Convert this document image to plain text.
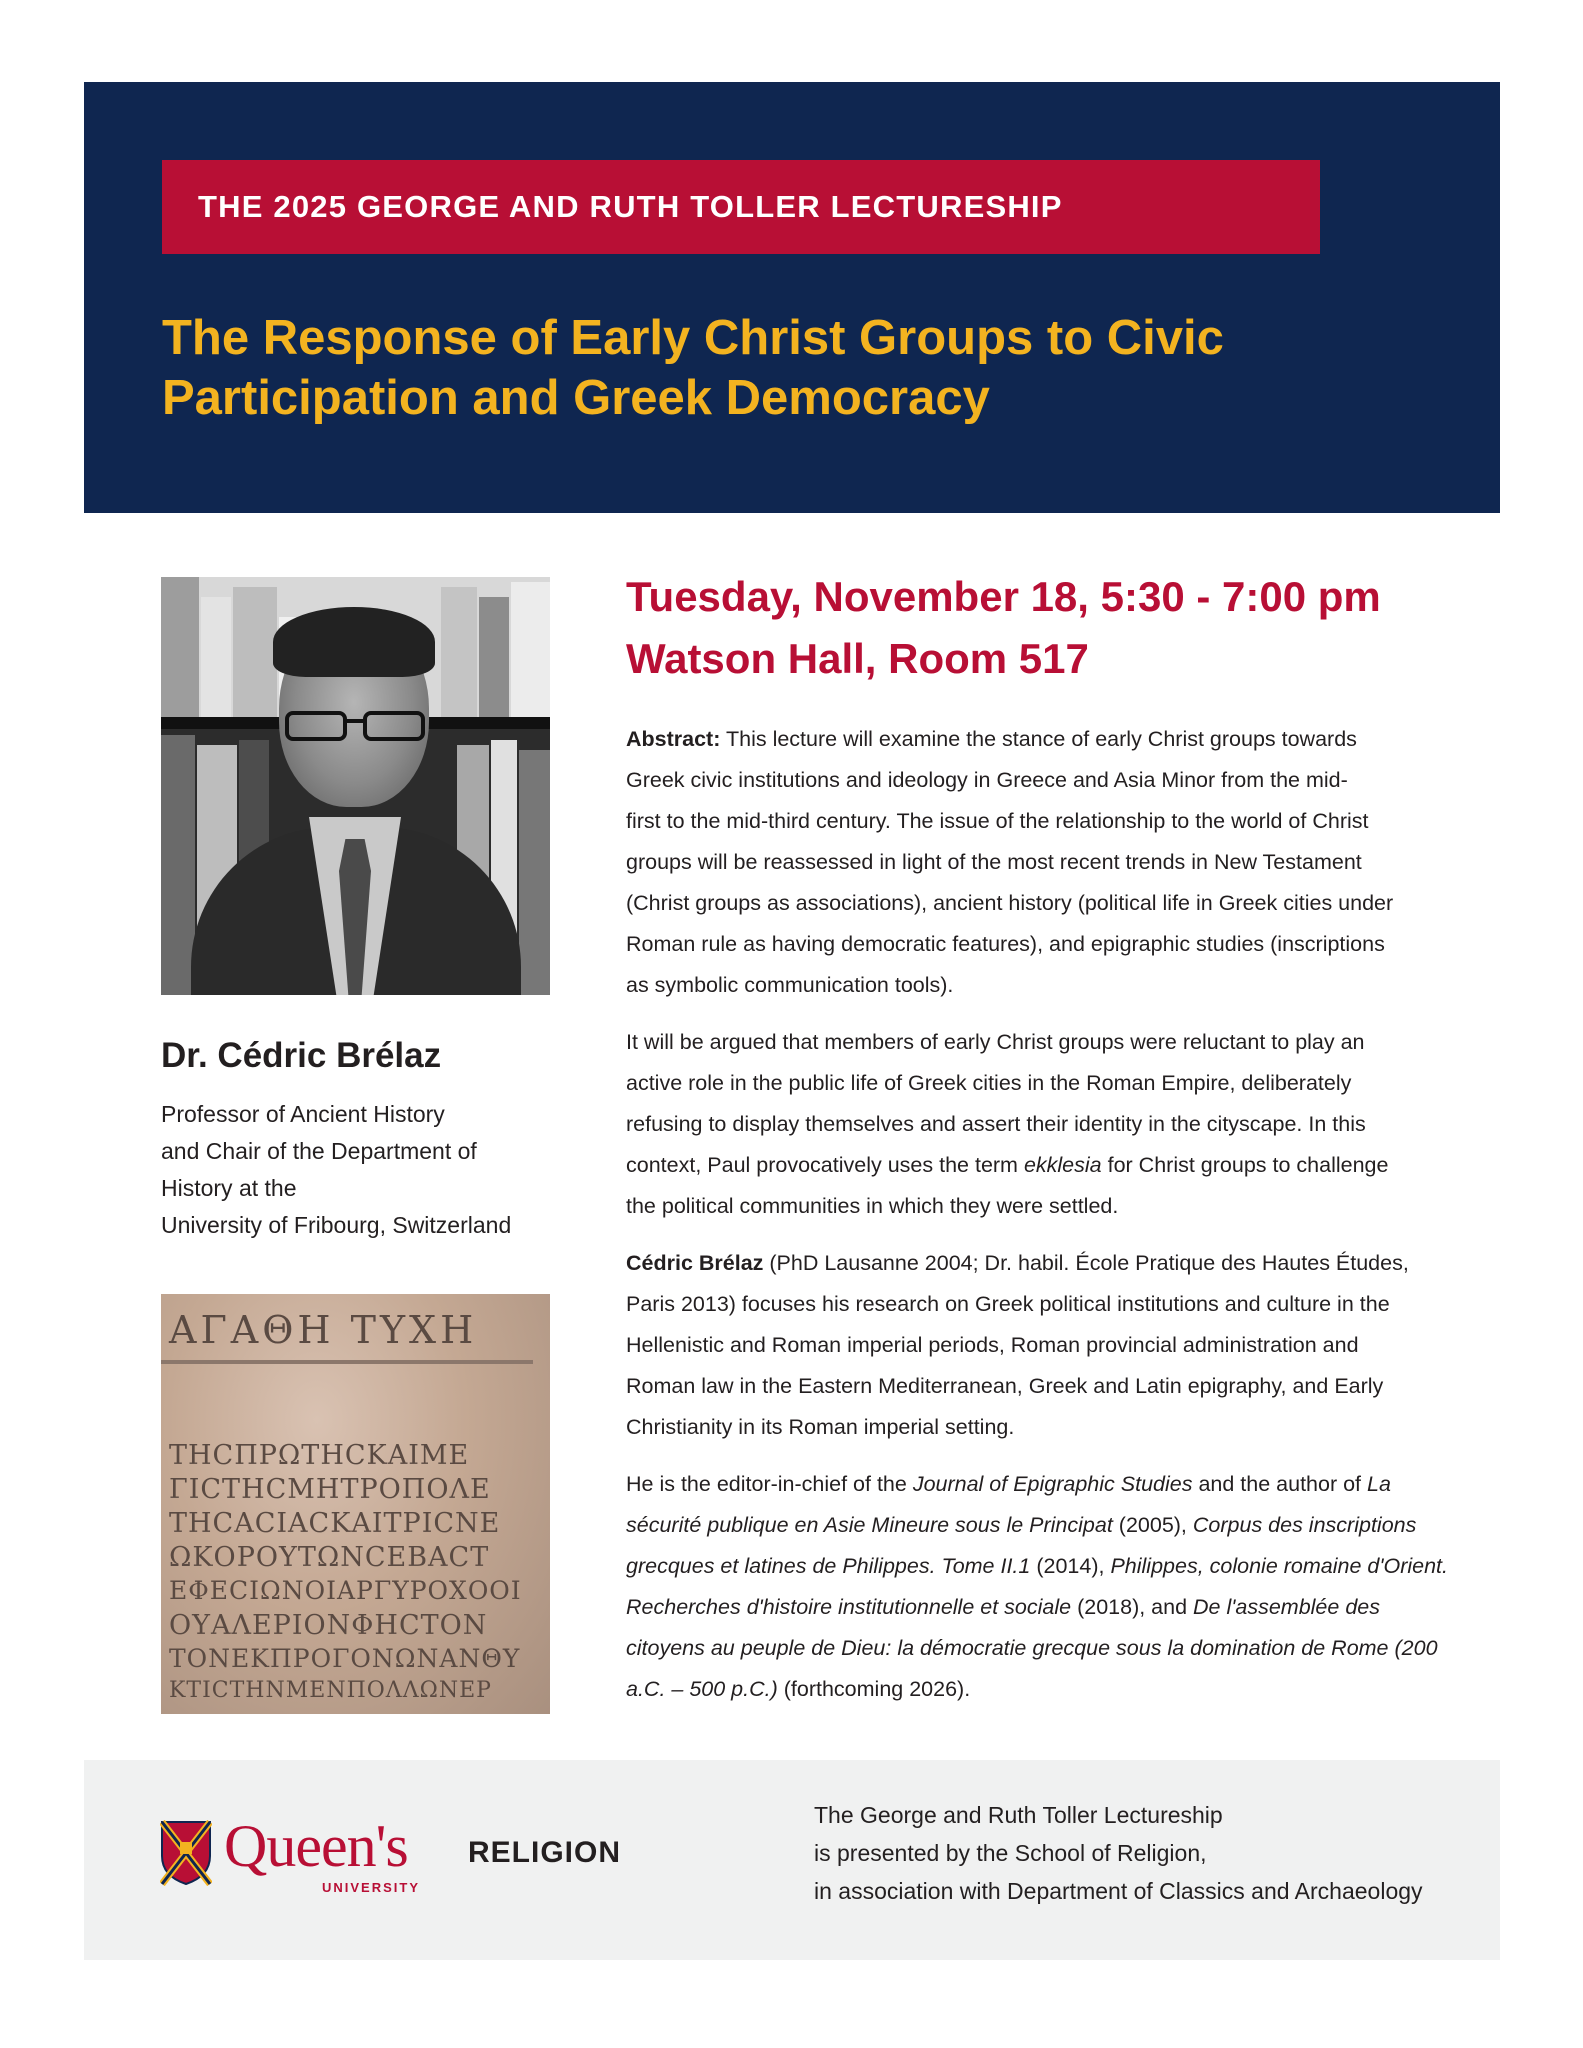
THE 2025 GEORGE AND RUTH TOLLER LECTURESHIP
The Response of Early Christ Groups to Civic
Participation and Greek Democracy
Dr. Cédric Brélaz
Professor of Ancient History
and Chair of the Department of
History at the
University of Fribourg, Switzerland
ΑΓΑΘΗ ΤΥΧΗ
ΤΗϹΠΡΩΤΗϹΚΑΙΜΕ
ΓΙϹΤΗϹΜΗΤΡΟΠΟΛΕ
ΤΗϹΑϹΙΑϹΚΑΙΤΡΙϹΝΕ
ΩΚΟΡΟΥΤΩΝϹΕΒΑϹΤ
ΕΦΕϹΙΩΝΟΙΑΡΓΥΡΟΧΟΟΙ
ΟΥΑΛΕΡΙΟΝΦΗϹΤΟΝ
ΤΟΝΕΚΠΡΟΓΟΝΩΝΑΝΘΥ
ΚΤΙϹΤΗΝΜΕΝΠΟΛΛΩΝΕΡ
Tuesday, November 18, 5:30 - 7:00 pm
Watson Hall, Room 517

Abstract: This lecture will examine the stance of early Christ groups towards
Greek civic institutions and ideology in Greece and Asia Minor from the mid-
first to the mid-third century. The issue of the relationship to the world of Christ
groups will be reassessed in light of the most recent trends in New Testament
(Christ groups as associations), ancient history (political life in Greek cities under
Roman rule as having democratic features), and epigraphic studies (inscriptions
as symbolic communication tools).

It will be argued that members of early Christ groups were reluctant to play an
active role in the public life of Greek cities in the Roman Empire, deliberately
refusing to display themselves and assert their identity in the cityscape. In this
context, Paul provocatively uses the term ekklesia for Christ groups to challenge
the political communities in which they were settled.

Cédric Brélaz (PhD Lausanne 2004; Dr. habil. École Pratique des Hautes Études,
Paris 2013) focuses his research on Greek political institutions and culture in the
Hellenistic and Roman imperial periods, Roman provincial administration and
Roman law in the Eastern Mediterranean, Greek and Latin epigraphy, and Early
Christianity in its Roman imperial setting.

He is the editor-in-chief of the Journal of Epigraphic Studies and the author of La
sécurité publique en Asie Mineure sous le Principat (2005), Corpus des inscriptions
grecques et latines de Philippes. Tome II.1 (2014), Philippes, colonie romaine d'Orient.
Recherches d'histoire institutionnelle et sociale (2018), and De l'assemblée des
citoyens au peuple de Dieu: la démocratie grecque sous la domination de Rome (200
a.C. – 500 p.C.) (forthcoming 2026).

Queen's
UNIVERSITY
RELIGION
The George and Ruth Toller Lectureship
is presented by the School of Religion,
in association with Department of Classics and Archaeology
